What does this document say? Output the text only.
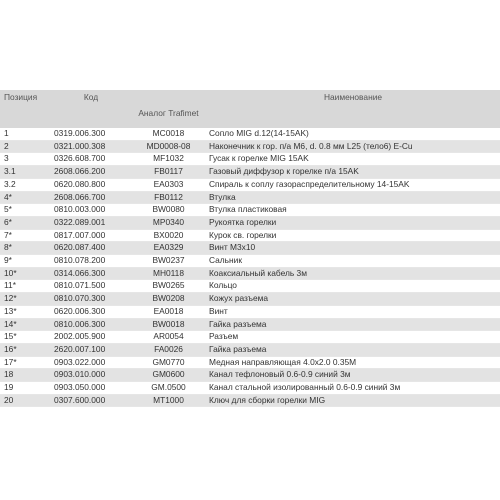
Позиция	Код	Аналог Trafimet	Наименование
1	0319.006.300	MC0018	Сопло MIG d.12(14-15AK)
2	0321.000.308	MD0008-08	Наконечник к гор. п/а M6, d. 0.8 мм L25 (тело6) E-Cu
3	0326.608.700	MF1032	Гусак к горелке MIG 15AK
3.1	2608.066.200	FB0117	Газовый диффузор к горелке п/а 15AK
3.2	0620.080.800	EA0303	Спираль к соплу газораспределительному 14-15AK
4*	2608.066.700	FB0112	Втулка
5*	0810.003.000	BW0080	Втулка пластиковая
6*	0322.089.001	MP0340	Рукоятка горелки
7*	0817.007.000	BX0020	Курок св. горелки
8*	0620.087.400	EA0329	Винт М3х10
9*	0810.078.200	BW0237	Сальник
10*	0314.066.300	MH0118	Коаксиальный кабель 3м
11*	0810.071.500	BW0265	Кольцо
12*	0810.070.300	BW0208	Кожух разъема
13*	0620.006.300	EA0018	Винт
14*	0810.006.300	BW0018	Гайка разъема
15*	2002.005.900	AR0054	Разъем
16*	2620.007.100	FA0026	Гайка разъема
17*	0903.022.000	GM0770	Медная направляющая 4.0х2.0 0.35M
18	0903.010.000	GM0600	Канал тефлоновый 0.6-0.9 синий 3м
19	0903.050.000	GM.0500	Канал стальной изолированный 0.6-0.9 синий 3м
20	0307.600.000	MT1000	Ключ для сборки горелки MIG
